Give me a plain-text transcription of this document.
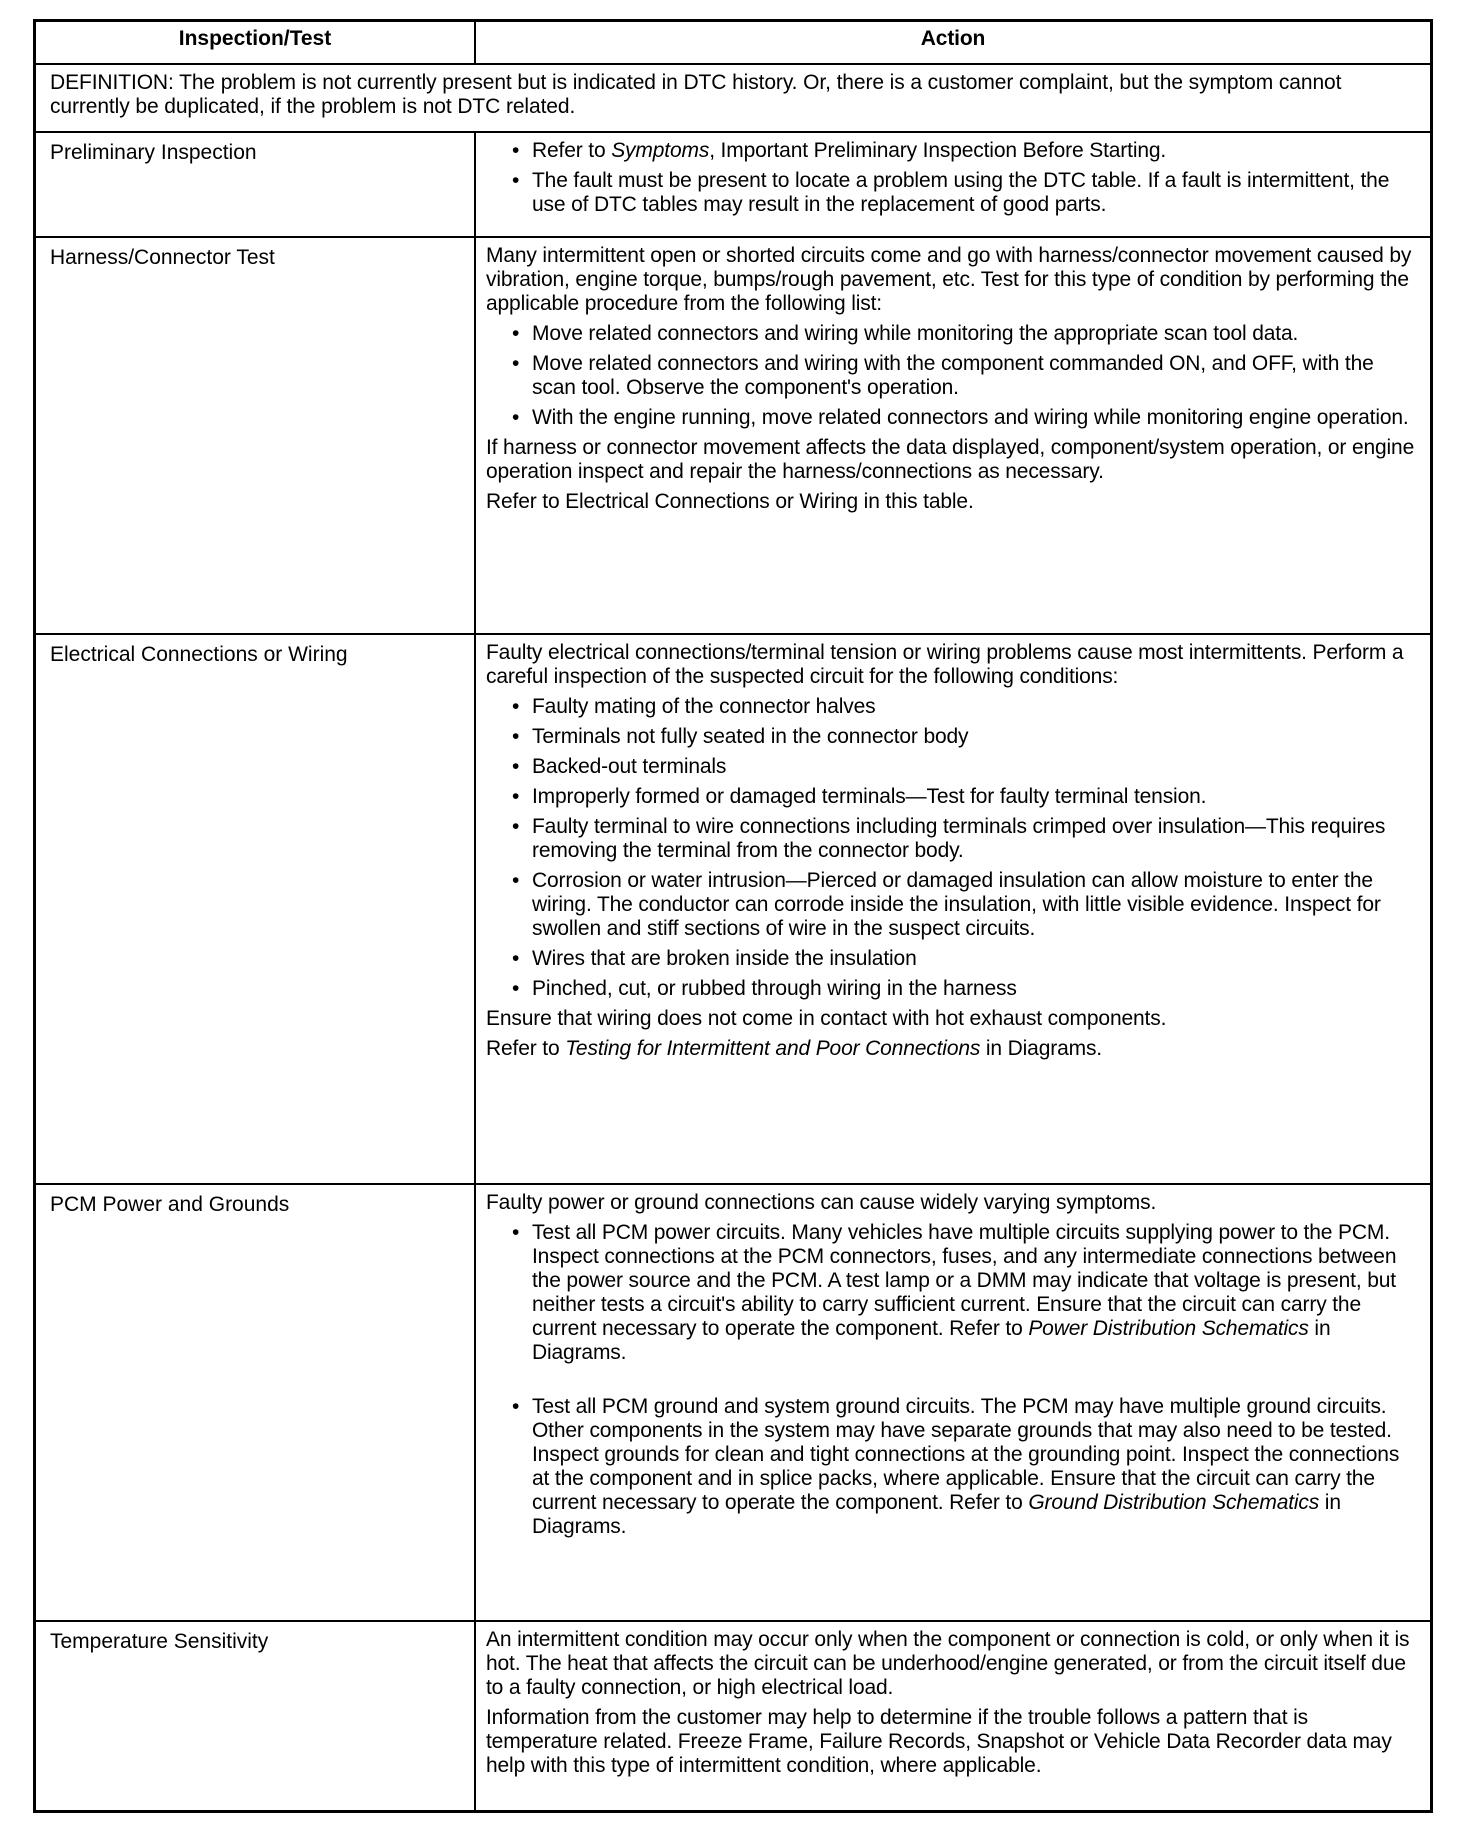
Inspection/Test	Action
DEFINITION: The problem is not currently present but is indicated in DTC history. Or, there is a customer complaint, but the symptom cannot currently be duplicated, if the problem is not DTC related.
Preliminary Inspection	• Refer to Symptoms, Important Preliminary Inspection Before Starting.
• The fault must be present to locate a problem using the DTC table. If a fault is intermittent, the use of DTC tables may result in the replacement of good parts.
Harness/Connector Test	Many intermittent open or shorted circuits come and go with harness/connector movement caused by vibration, engine torque, bumps/rough pavement, etc. Test for this type of condition by performing the applicable procedure from the following list:

• Move related connectors and wiring while monitoring the appropriate scan tool data.
• Move related connectors and wiring with the component commanded ON, and OFF, with the scan tool. Observe the component's operation.
• With the engine running, move related connectors and wiring while monitoring engine operation.

If harness or connector movement affects the data displayed, component/system operation, or engine operation inspect and repair the harness/connections as necessary.

Refer to Electrical Connections or Wiring in this table.

Electrical Connections or Wiring	Faulty electrical connections/terminal tension or wiring problems cause most intermittents. Perform a careful inspection of the suspected circuit for the following conditions:

• Faulty mating of the connector halves
• Terminals not fully seated in the connector body
• Backed-out terminals
• Improperly formed or damaged terminals—Test for faulty terminal tension.
• Faulty terminal to wire connections including terminals crimped over insulation—This requires removing the terminal from the connector body.
• Corrosion or water intrusion—Pierced or damaged insulation can allow moisture to enter the wiring. The conductor can corrode inside the insulation, with little visible evidence. Inspect for swollen and stiff sections of wire in the suspect circuits.
• Wires that are broken inside the insulation
• Pinched, cut, or rubbed through wiring in the harness

Ensure that wiring does not come in contact with hot exhaust components.

Refer to Testing for Intermittent and Poor Connections in Diagrams.

PCM Power and Grounds	Faulty power or ground connections can cause widely varying symptoms.

• Test all PCM power circuits. Many vehicles have multiple circuits supplying power to the PCM. Inspect connections at the PCM connectors, fuses, and any intermediate connections between the power source and the PCM. A test lamp or a DMM may indicate that voltage is present, but neither tests a circuit's ability to carry sufficient current. Ensure that the circuit can carry the current necessary to operate the component. Refer to Power Distribution Schematics in Diagrams.
• Test all PCM ground and system ground circuits. The PCM may have multiple ground circuits. Other components in the system may have separate grounds that may also need to be tested. Inspect grounds for clean and tight connections at the grounding point. Inspect the connections at the component and in splice packs, where applicable. Ensure that the circuit can carry the current necessary to operate the component. Refer to Ground Distribution Schematics in Diagrams.
Temperature Sensitivity	An intermittent condition may occur only when the component or connection is cold, or only when it is hot. The heat that affects the circuit can be underhood/engine generated, or from the circuit itself due to a faulty connection, or high electrical load.

Information from the customer may help to determine if the trouble follows a pattern that is temperature related. Freeze Frame, Failure Records, Snapshot or Vehicle Data Recorder data may help with this type of intermittent condition, where applicable.
